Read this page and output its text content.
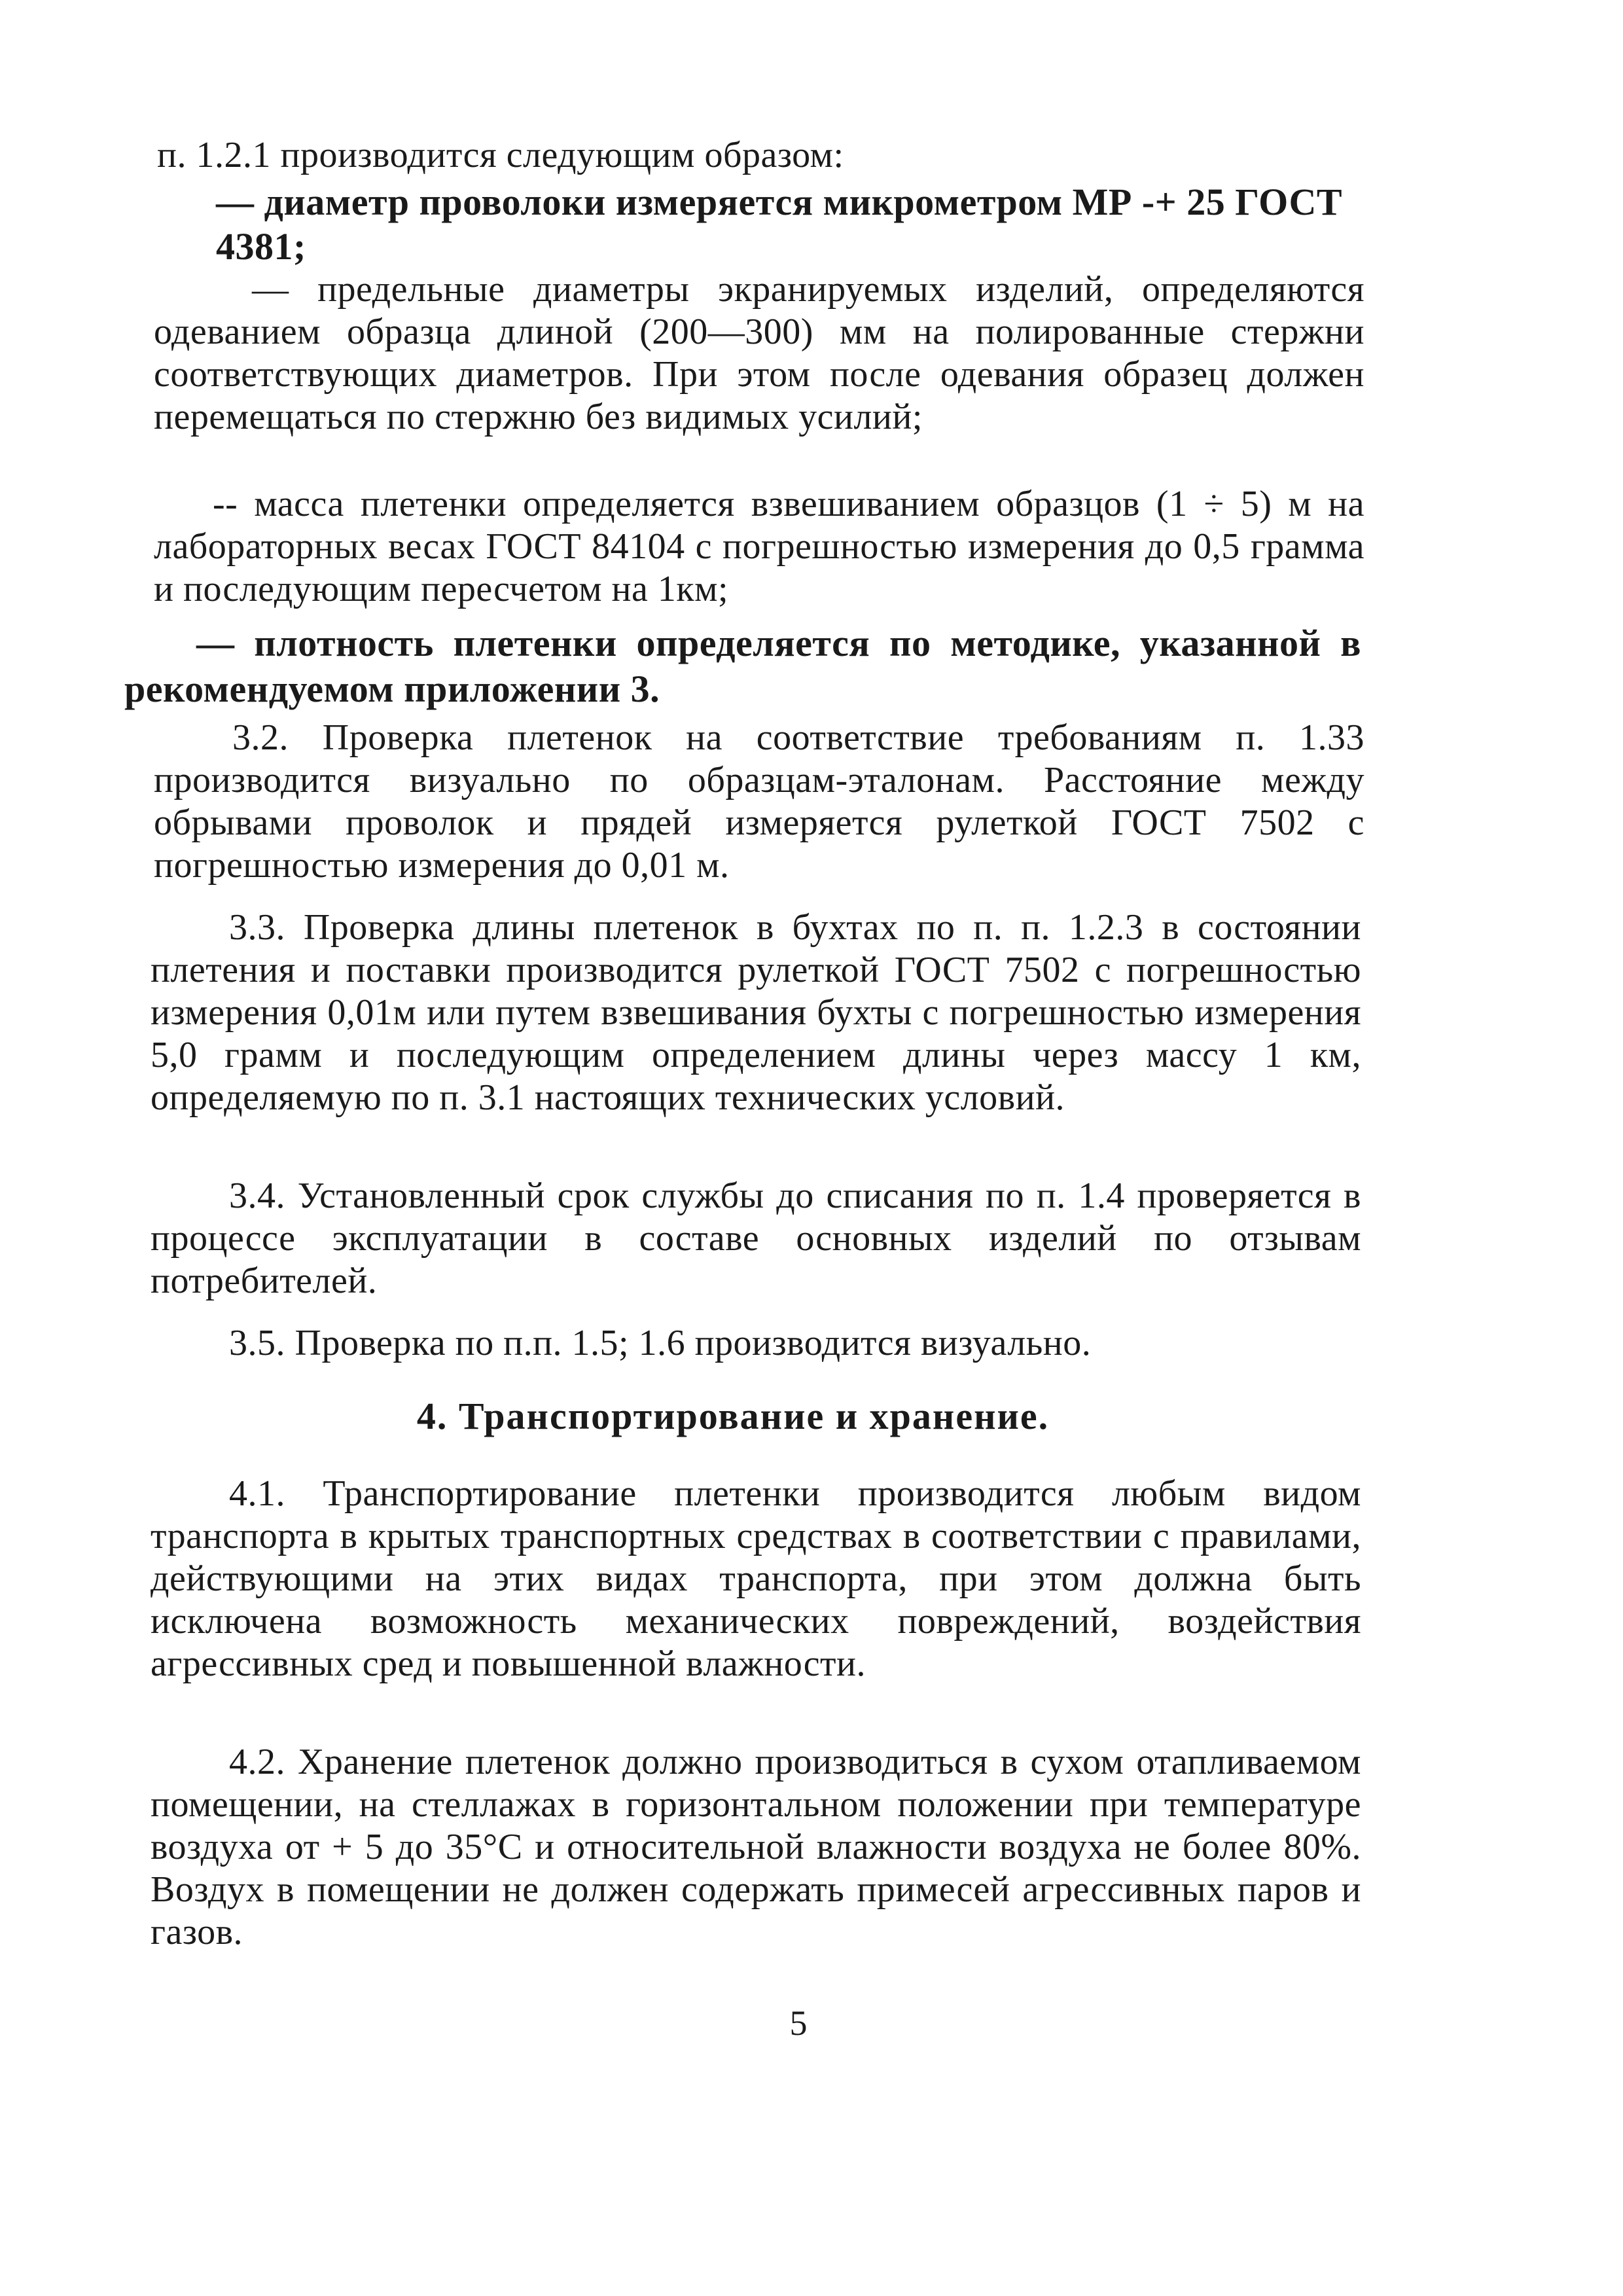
п. 1.2.1 производится следующим образом:

— диаметр проволоки измеряется микрометром МР -+ 25 ГОСТ 4381;

— предельные диаметры экранируемых изделий, определяются одеванием образца длиной (200—300) мм на полированные стержни соответствующих диаметров. При этом после одевания образец должен перемещаться по стержню без видимых усилий;

-- масса плетенки определяется взвешиванием образцов (1 ÷ 5) м на лабораторных весах ГОСТ 84104 с погрешностью измерения до 0,5 грамма и последующим пересчетом на 1км;

— плотность плетенки определяется по методике, указанной в рекомендуемом приложении 3.

3.2. Проверка плетенок на соответствие требованиям п. 1.33 производится визуально по образцам-эталонам. Расстояние между обрывами проволок и прядей измеряется рулеткой ГОСТ 7502 с погрешностью измерения до 0,01 м.

3.3. Проверка длины плетенок в бухтах по п. п. 1.2.3 в состоянии плетения и поставки производится рулеткой ГОСТ 7502 с погрешностью измерения 0,01м или путем взвешивания бухты с погрешностью измерения 5,0 грамм и последующим определением длины через массу 1 км, определяемую по п. 3.1 настоящих технических условий.

3.4. Установленный срок службы до списания по п. 1.4 проверяется в процессе эксплуатации в составе основных изделий по отзывам потребителей.

3.5. Проверка по п.п. 1.5; 1.6 производится визуально.

4. Транспортирование и хранение.

4.1. Транспортирование плетенки производится любым видом транспорта в крытых транспортных средствах в соответствии с правилами, действующими на этих видах транспорта, при этом должна быть исключена возможность механических повреждений, воздействия агрессивных сред и повышенной влажности.

4.2. Хранение плетенок должно производиться в сухом отапливаемом помещении, на стеллажах в горизонтальном положении при температуре воздуха от + 5 до 35°С и относительной влажности воздуха не более 80%. Воздух в помещении не должен содержать примесей агрессивных паров и газов.

5
